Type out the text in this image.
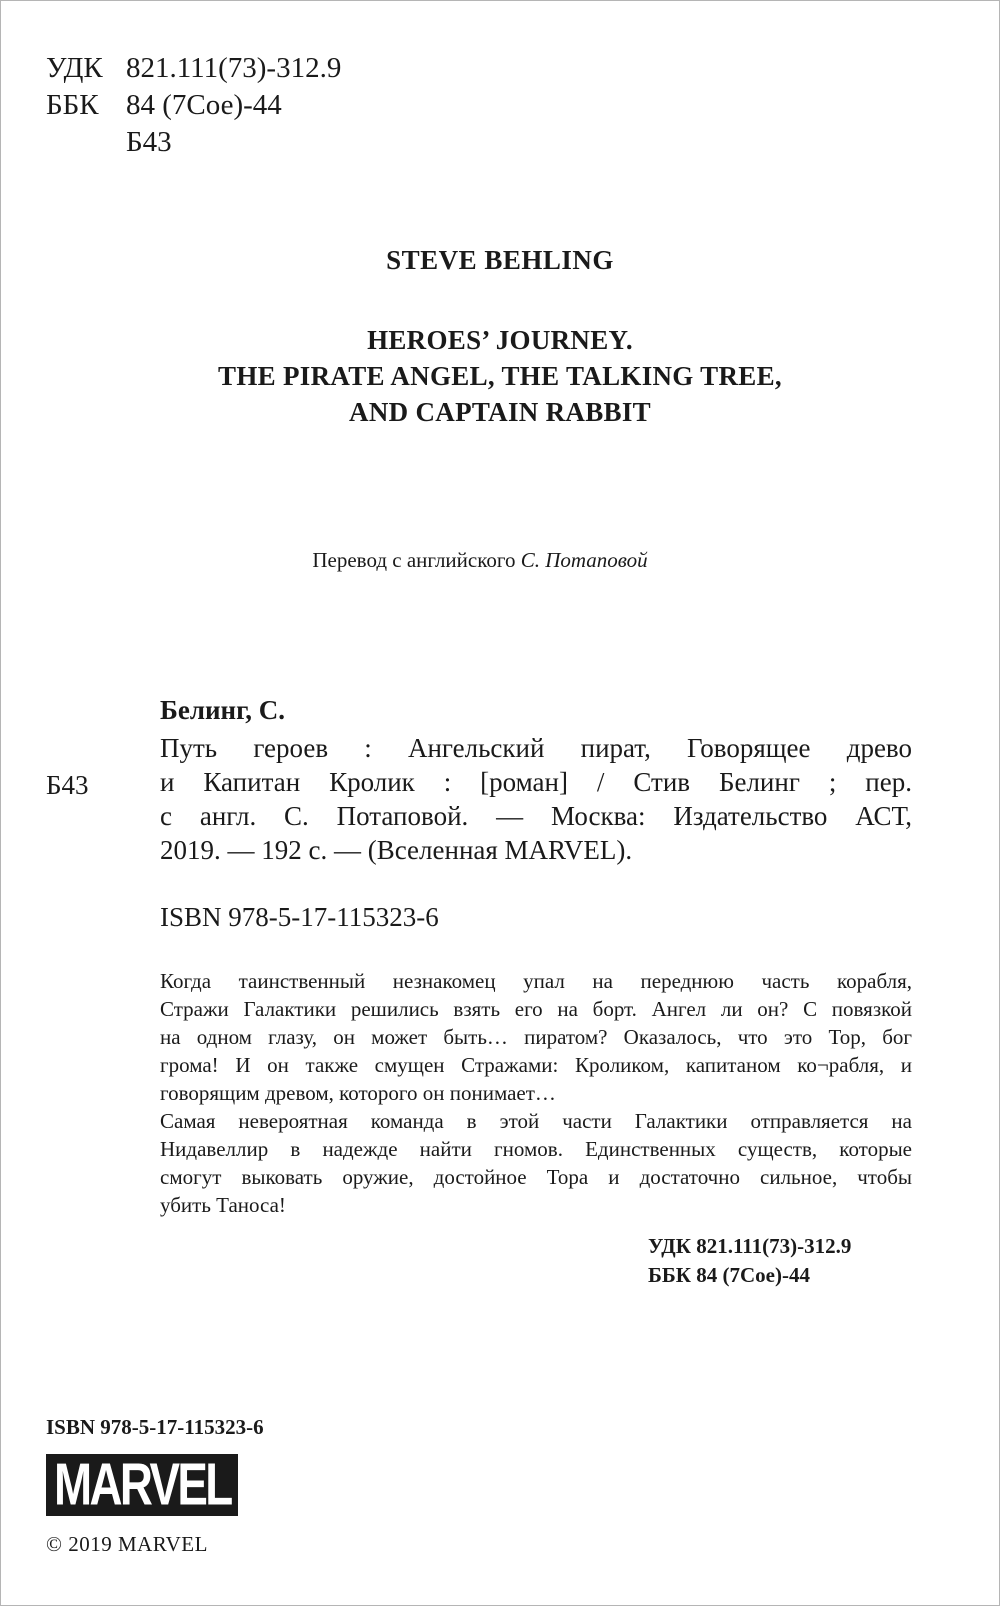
УДК 821.111(73)-312.9
ББК 84 (7Сое)-44
Б43
STEVE BEHLING
HEROES’ JOURNEY.
THE PIRATE ANGEL, THE TALKING TREE,
AND CAPTAIN RABBIT
Перевод с английского С. Потаповой
Белинг, С.
Б43
Путь героев : Ангельский пират, Говорящее древо
и Капитан Кролик : [роман] / Стив Белинг ; пер.
с англ. С. Потаповой. — Москва: Издательство АСТ,
2019. — 192 с. — (Вселенная MARVEL).
ISBN 978-5-17-115323-6
Когда таинственный незнакомец упал на переднюю часть корабля,
Стражи Галактики решились взять его на борт. Ангел ли он? С повязкой
на одном глазу, он может быть… пиратом? Оказалось, что это Тор, бог
грома! И он также смущен Стражами: Кроликом, капитаном ко¬рабля, и
говорящим древом, которого он понимает…
Самая невероятная команда в этой части Галактики отправляется на
Нидавеллир в надежде найти гномов. Единственных существ, которые
смогут выковать оружие, достойное Тора и достаточно сильное, чтобы
убить Таноса!
УДК 821.111(73)-312.9
ББК 84 (7Сое)-44
ISBN 978-5-17-115323-6
MARVEL
© 2019 MARVEL
